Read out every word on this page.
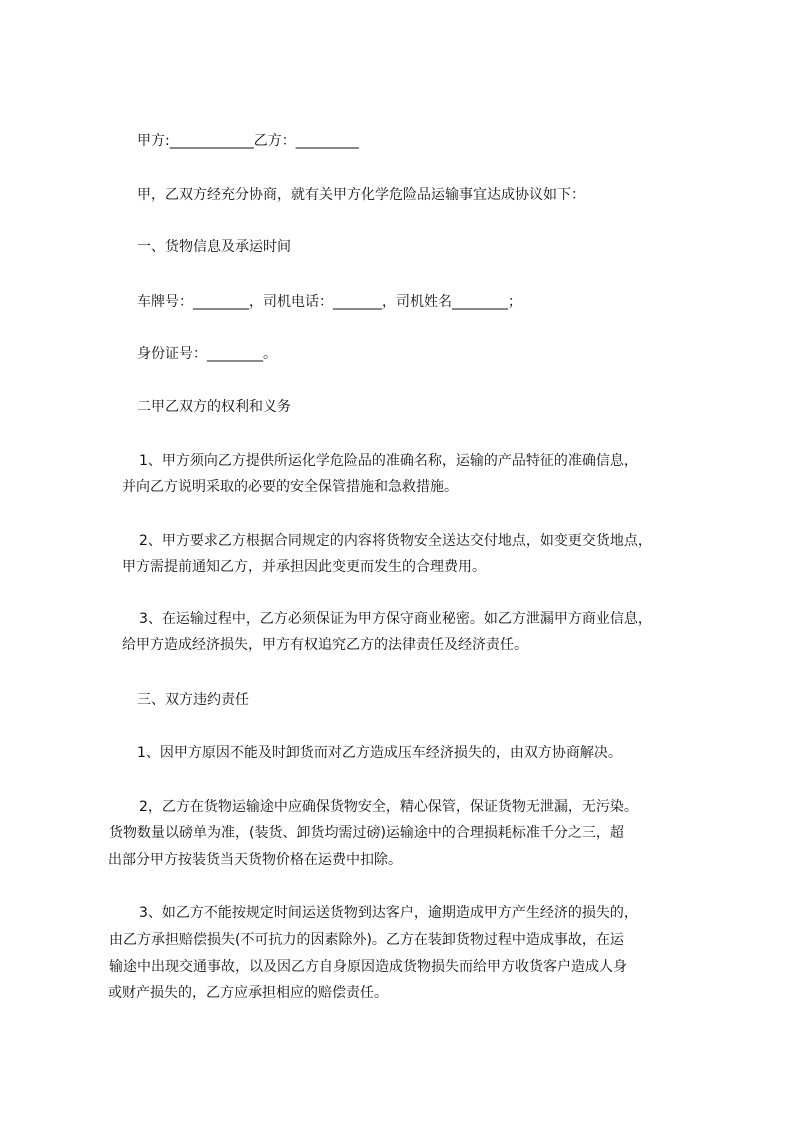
甲方:____________乙方：_________
甲，乙双方经充分协商，就有关甲方化学危险品运输事宜达成协议如下：
一、货物信息及承运时间
车牌号：________，司机电话：_______，司机姓名________；
身份证号：________。
二甲乙双方的权利和义务
1、甲方须向乙方提供所运化学危险品的准确名称，运输的产品特征的准确信息，
并向乙方说明采取的必要的安全保管措施和急救措施。
2、甲方要求乙方根据合同规定的内容将货物安全送达交付地点，如变更交货地点，
甲方需提前通知乙方，并承担因此变更而发生的合理费用。
3、在运输过程中，乙方必须保证为甲方保守商业秘密。如乙方泄漏甲方商业信息，
给甲方造成经济损失，甲方有权追究乙方的法律责任及经济责任。
三、双方违约责任
1、因甲方原因不能及时卸货而对乙方造成压车经济损失的，由双方协商解决。
2，乙方在货物运输途中应确保货物安全，精心保管，保证货物无泄漏，无污染。
货物数量以磅单为准，(装货、卸货均需过磅)运输途中的合理损耗标准千分之三，超
出部分甲方按装货当天货物价格在运费中扣除。
3、如乙方不能按规定时间运送货物到达客户，逾期造成甲方产生经济的损失的，
由乙方承担赔偿损失(不可抗力的因素除外)。乙方在装卸货物过程中造成事故，在运
输途中出现交通事故，以及因乙方自身原因造成货物损失而给甲方收货客户造成人身
或财产损失的，乙方应承担相应的赔偿责任。
